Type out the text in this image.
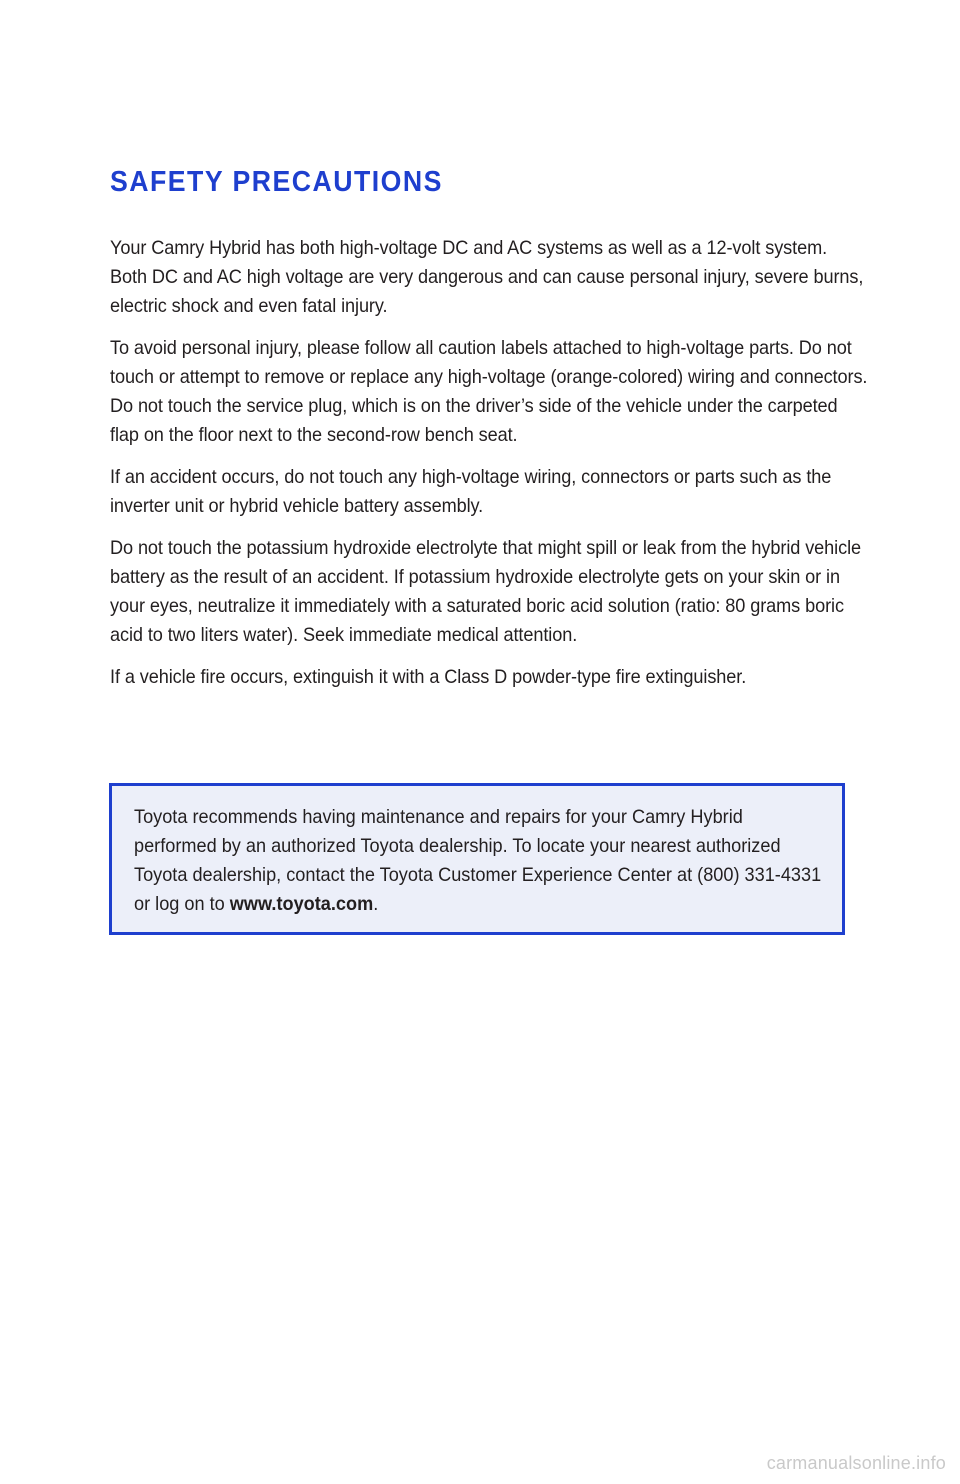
SAFETY PRECAUTIONS

Your Camry Hybrid has both high-voltage DC and AC systems as well as a 12-volt system.
Both DC and AC high voltage are very dangerous and can cause personal injury, severe burns,
electric shock and even fatal injury.

To avoid personal injury, please follow all caution labels attached to high-voltage parts. Do not
touch or attempt to remove or replace any high-voltage (orange-colored) wiring and connectors.
Do not touch the service plug, which is on the driver’s side of the vehicle under the carpeted
flap on the floor next to the second-row bench seat.

If an accident occurs, do not touch any high-voltage wiring, connectors or parts such as the
inverter unit or hybrid vehicle battery assembly.

Do not touch the potassium hydroxide electrolyte that might spill or leak from the hybrid vehicle
battery as the result of an accident. If potassium hydroxide electrolyte gets on your skin or in
your eyes, neutralize it immediately with a saturated boric acid solution (ratio: 80 grams boric
acid to two liters water). Seek immediate medical attention.

If a vehicle fire occurs, extinguish it with a Class D powder-type fire extinguisher.

Toyota recommends having maintenance and repairs for your Camry Hybrid
performed by an authorized Toyota dealership. To locate your nearest authorized
Toyota dealership, contact the Toyota Customer Experience Center at (800) 331-4331
or log on to www.toyota.com.

carmanualsonline.info
